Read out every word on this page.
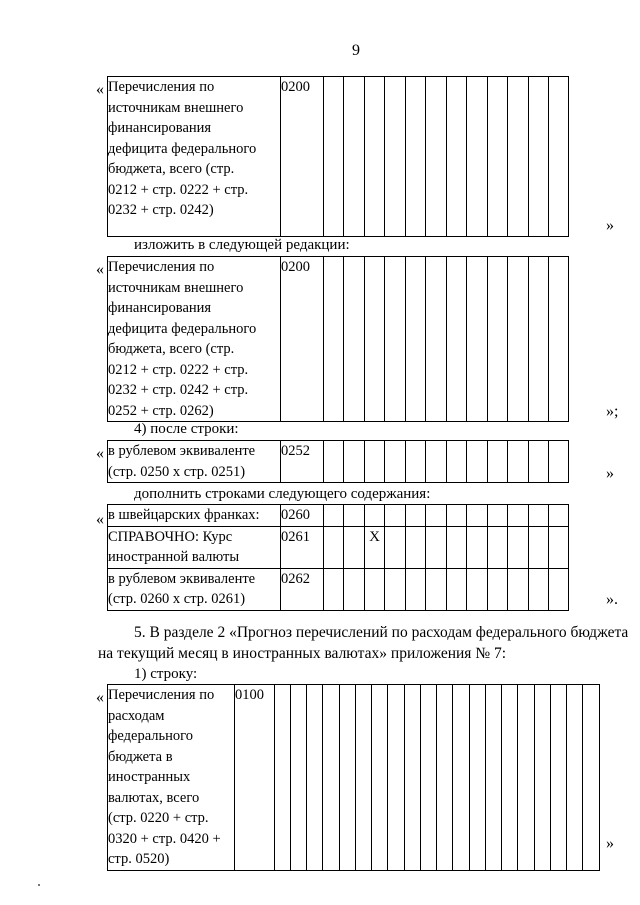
9
« Перечисления по
источникам внешнего
финансирования
дефицита федерального
бюджета, всего (стр.
0212 + стр. 0222 + стр.
0232 + стр. 0242)
	0200												
»
изложить в следующей редакции:
« Перечисления по
источникам внешнего
финансирования
дефицита федерального
бюджета, всего (стр.
0212 + стр. 0222 + стр.
0232 + стр. 0242 + стр.
0252 + стр. 0262)
	0200												
»;
4) после строки:
« в рублевом эквиваленте
(стр. 0250 х стр. 0251)
	0252												
»
дополнить строками следующего содержания:
« в швейцарских франках:	0260												

СПРАВОЧНО: Курс
иностранной валюты	0261			Х									

в рублевом эквиваленте
(стр. 0260 х стр. 0261)	0262												
».
5. В разделе 2 «Прогноз перечислений по расходам федерального бюджета
на текущий месяц в иностранных валютах» приложения № 7:
1) строку:
« Перечисления по
расходам
федерального
бюджета в
иностранных
валютах, всего
(стр. 0220 + стр.
0320 + стр. 0420 +
стр. 0520)
	0100																				
»
